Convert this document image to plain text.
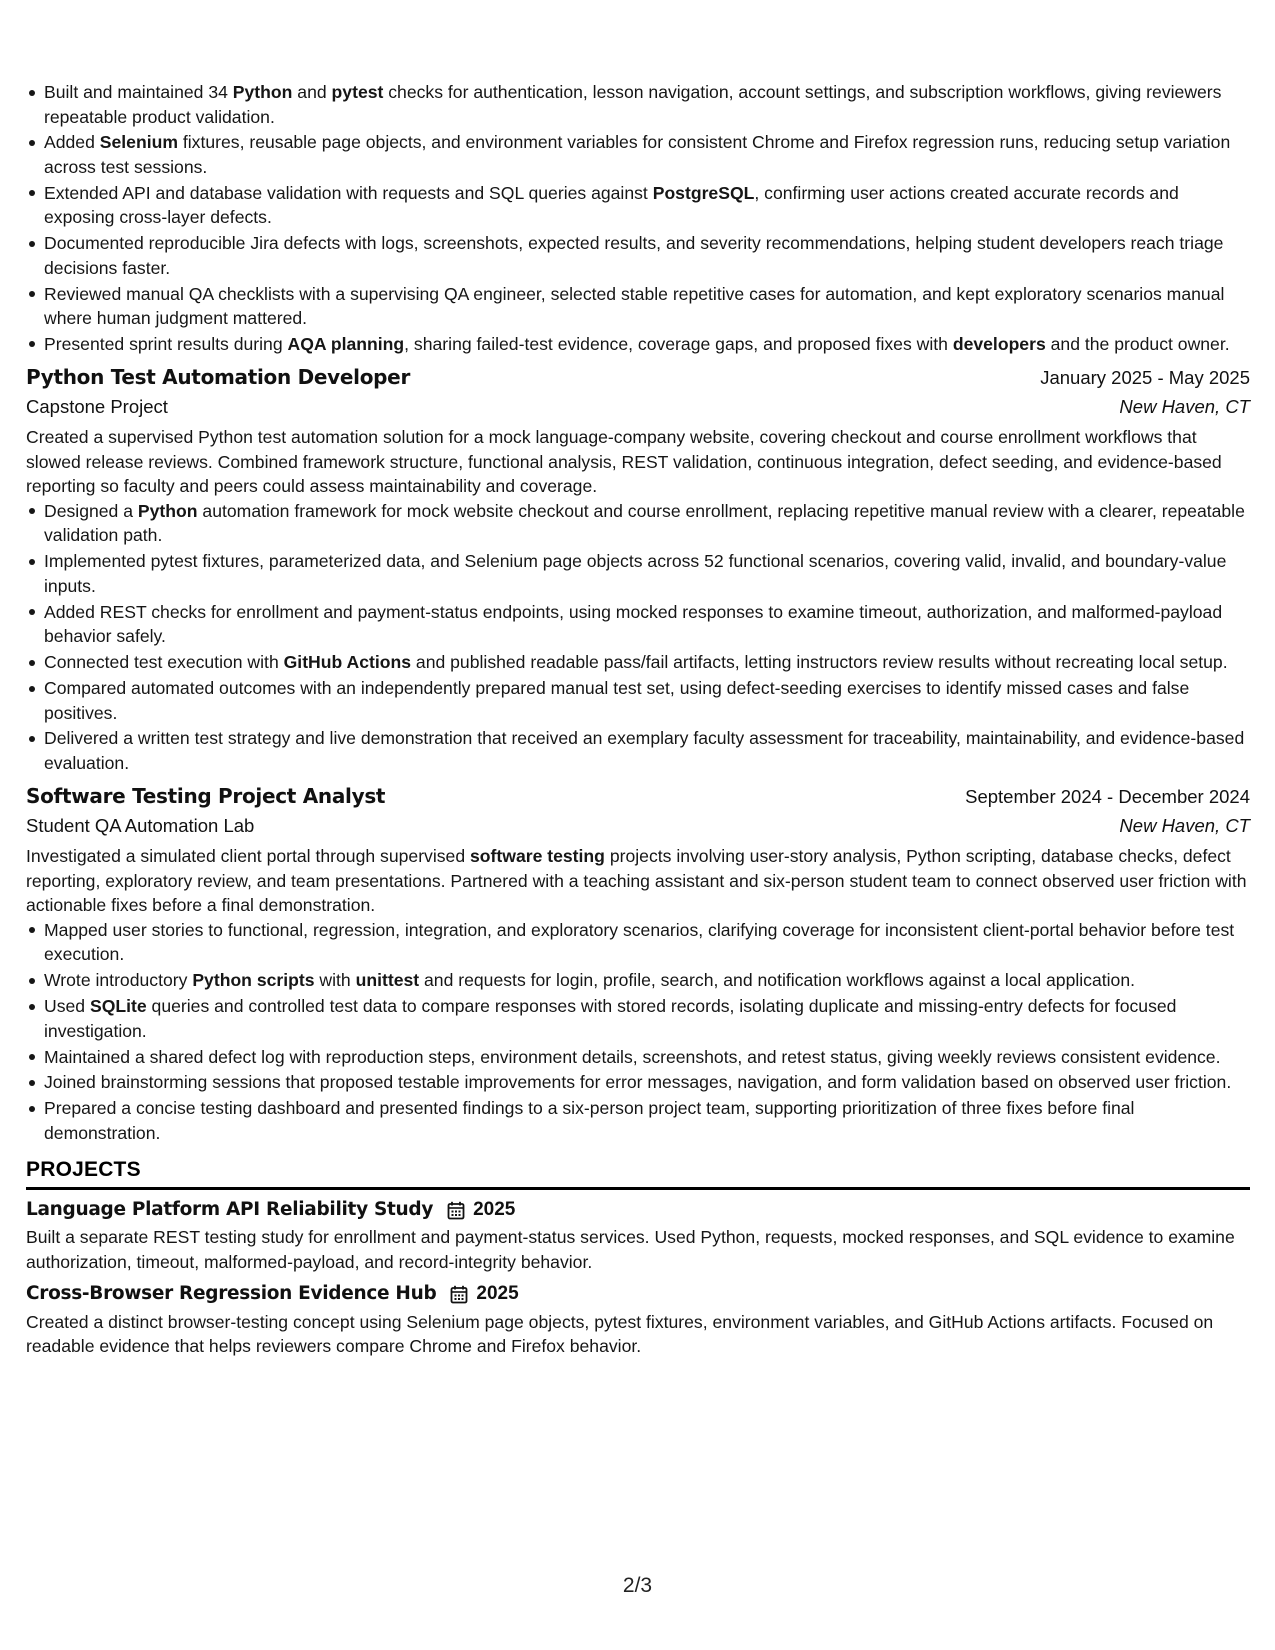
Built and maintained 34 Python and pytest checks for authentication, lesson navigation, account settings, and subscription workflows, giving reviewers repeatable product validation.
Added Selenium fixtures, reusable page objects, and environment variables for consistent Chrome and Firefox regression runs, reducing setup variation across test sessions.
Extended API and database validation with requests and SQL queries against PostgreSQL, confirming user actions created accurate records and exposing cross-layer defects.
Documented reproducible Jira defects with logs, screenshots, expected results, and severity recommendations, helping student developers reach triage decisions faster.
Reviewed manual QA checklists with a supervising QA engineer, selected stable repetitive cases for automation, and kept exploratory scenarios manual where human judgment mattered.
Presented sprint results during AQA planning, sharing failed-test evidence, coverage gaps, and proposed fixes with developers and the product owner.
Python Test Automation Developer	January 2025 - May 2025
Capstone Project	New Haven, CT
Created a supervised Python test automation solution for a mock language-company website, covering checkout and course enrollment workflows that slowed release reviews. Combined framework structure, functional analysis, REST validation, continuous integration, defect seeding, and evidence-based reporting so faculty and peers could assess maintainability and coverage.
Designed a Python automation framework for mock website checkout and course enrollment, replacing repetitive manual review with a clearer, repeatable validation path.
Implemented pytest fixtures, parameterized data, and Selenium page objects across 52 functional scenarios, covering valid, invalid, and boundary-value inputs.
Added REST checks for enrollment and payment-status endpoints, using mocked responses to examine timeout, authorization, and malformed-payload behavior safely.
Connected test execution with GitHub Actions and published readable pass/fail artifacts, letting instructors review results without recreating local setup.
Compared automated outcomes with an independently prepared manual test set, using defect-seeding exercises to identify missed cases and false positives.
Delivered a written test strategy and live demonstration that received an exemplary faculty assessment for traceability, maintainability, and evidence-based evaluation.
Software Testing Project Analyst	September 2024 - December 2024
Student QA Automation Lab	New Haven, CT
Investigated a simulated client portal through supervised software testing projects involving user-story analysis, Python scripting, database checks, defect reporting, exploratory review, and team presentations. Partnered with a teaching assistant and six-person student team to connect observed user friction with actionable fixes before a final demonstration.
Mapped user stories to functional, regression, integration, and exploratory scenarios, clarifying coverage for inconsistent client-portal behavior before test execution.
Wrote introductory Python scripts with unittest and requests for login, profile, search, and notification workflows against a local application.
Used SQLite queries and controlled test data to compare responses with stored records, isolating duplicate and missing-entry defects for focused investigation.
Maintained a shared defect log with reproduction steps, environment details, screenshots, and retest status, giving weekly reviews consistent evidence.
Joined brainstorming sessions that proposed testable improvements for error messages, navigation, and form validation based on observed user friction.
Prepared a concise testing dashboard and presented findings to a six-person project team, supporting prioritization of three fixes before final demonstration.
PROJECTS
Language Platform API Reliability Study 2025

Built a separate REST testing study for enrollment and payment-status services. Used Python, requests, mocked responses, and SQL evidence to examine authorization, timeout, malformed-payload, and record-integrity behavior.

Cross-Browser Regression Evidence Hub 2025

Created a distinct browser-testing concept using Selenium page objects, pytest fixtures, environment variables, and GitHub Actions artifacts. Focused on readable evidence that helps reviewers compare Chrome and Firefox behavior.

2/3
